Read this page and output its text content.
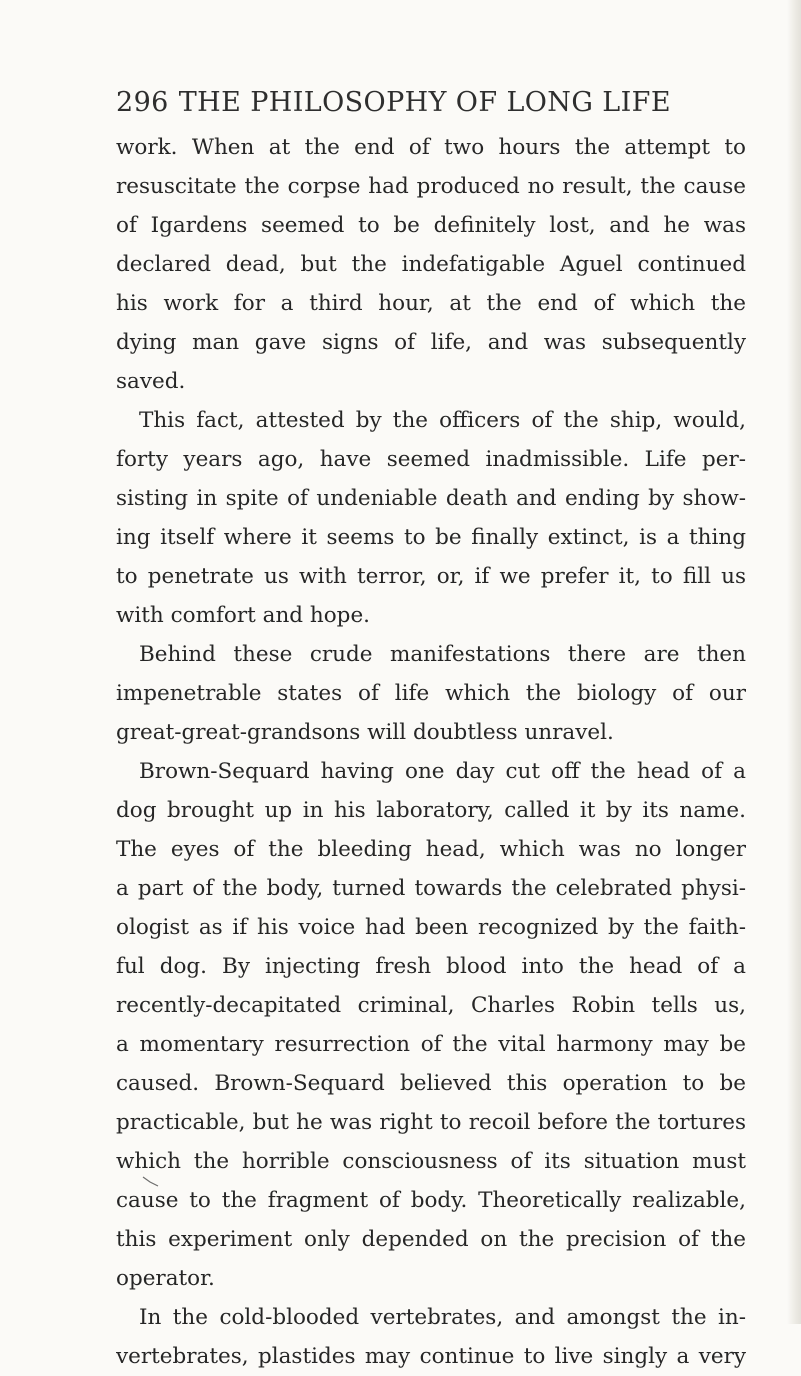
296 THE PHILOSOPHY OF LONG LIFE
work. When at the end of two hours the attempt to
resuscitate the corpse had produced no result, the cause
of Igardens seemed to be definitely lost, and he was
declared dead, but the indefatigable Aguel continued
his work for a third hour, at the end of which the
dying man gave signs of life, and was subsequently
saved.
This fact, attested by the officers of the ship, would,
forty years ago, have seemed inadmissible. Life per-
sisting in spite of undeniable death and ending by show-
ing itself where it seems to be finally extinct, is a thing
to penetrate us with terror, or, if we prefer it, to fill us
with comfort and hope.
Behind these crude manifestations there are then
impenetrable states of life which the biology of our
great-great-grandsons will doubtless unravel.
Brown-Sequard having one day cut off the head of a
dog brought up in his laboratory, called it by its name.
The eyes of the bleeding head, which was no longer
a part of the body, turned towards the celebrated physi-
ologist as if his voice had been recognized by the faith-
ful dog. By injecting fresh blood into the head of a
recently-decapitated criminal, Charles Robin tells us,
a momentary resurrection of the vital harmony may be
caused. Brown-Sequard believed this operation to be
practicable, but he was right to recoil before the tortures
which the horrible consciousness of its situation must
cause to the fragment of body. Theoretically realizable,
this experiment only depended on the precision of the
operator.
In the cold-blooded vertebrates, and amongst the in-
vertebrates, plastides may continue to live singly a very
